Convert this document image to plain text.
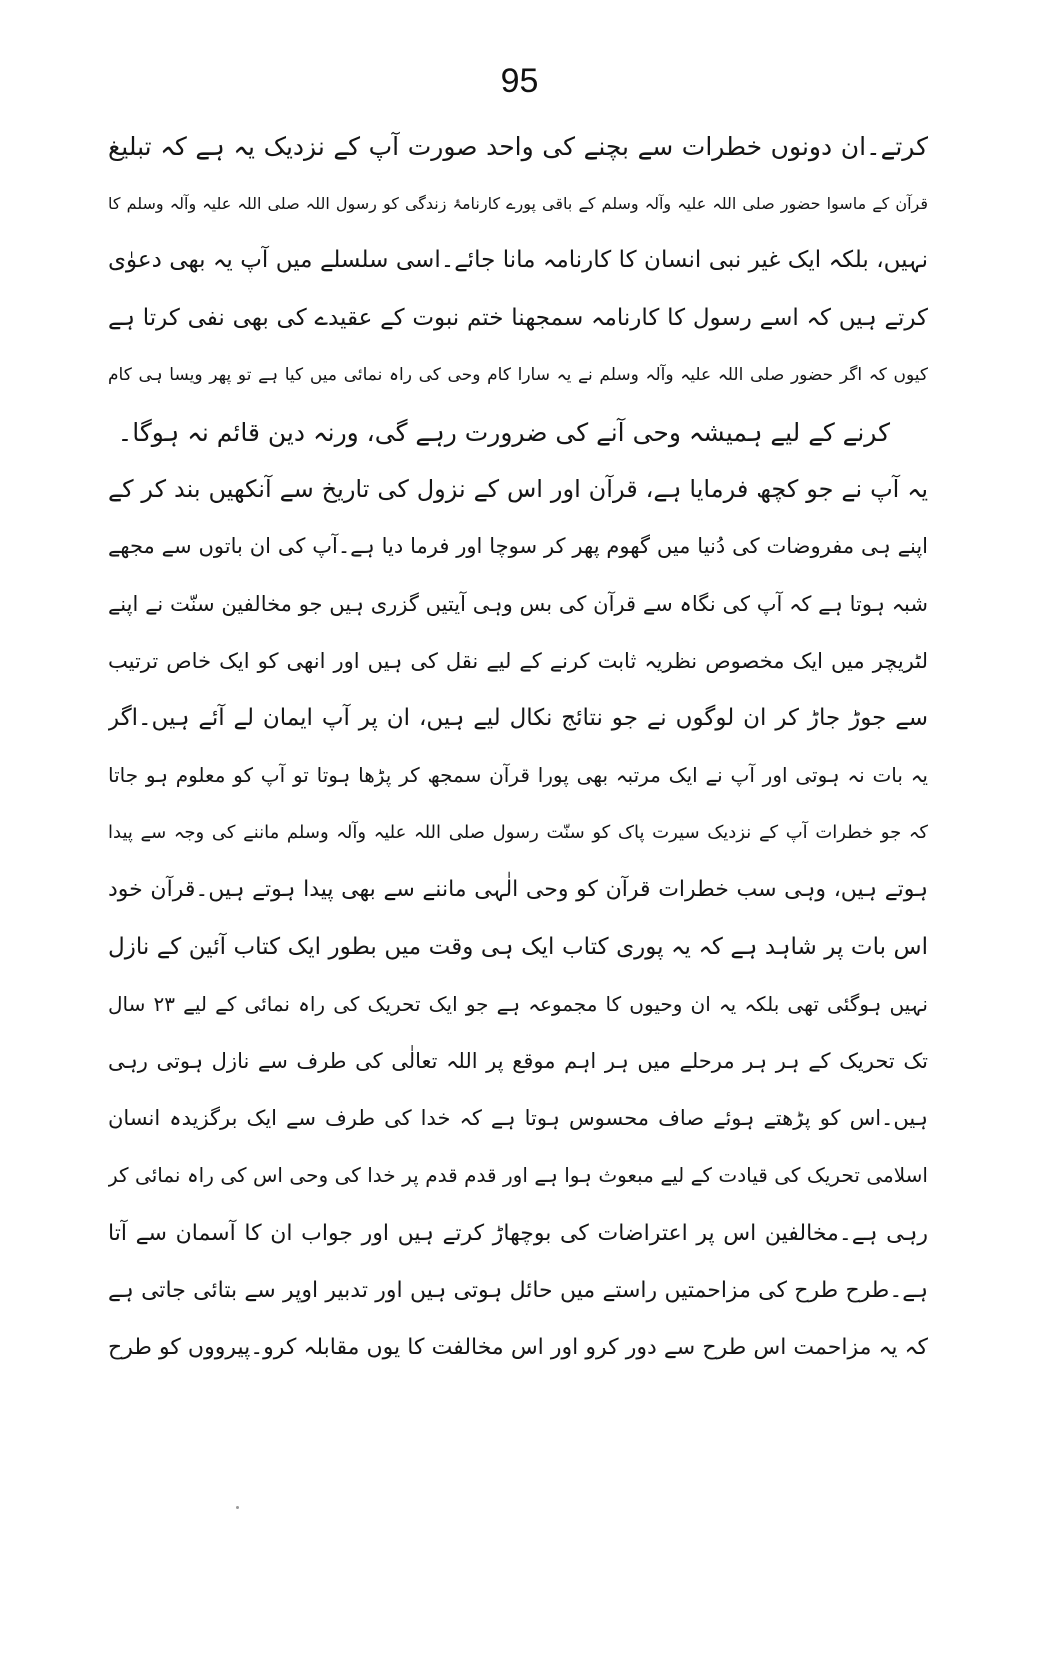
95
کرتے۔ان دونوں خطرات سے بچنے کی واحد صورت آپ کے نزدیک یہ ہے کہ تبلیغ
قرآن کے ماسوا حضور صلی اللہ علیہ وآلہ وسلم کے باقی پورے کارنامۂ زندگی کو رسول اللہ صلی اللہ علیہ وآلہ وسلم کا
نہیں، بلکہ ایک غیر نبی انسان کا کارنامہ مانا جائے۔اسی سلسلے میں آپ یہ بھی دعوٰی
کرتے ہیں کہ اسے رسول کا کارنامہ سمجھنا ختم نبوت کے عقیدے کی بھی نفی کرتا ہے
کیوں کہ اگر حضور صلی اللہ علیہ وآلہ وسلم نے یہ سارا کام وحی کی راہ نمائی میں کیا ہے تو پھر ویسا ہی کام
کرنے کے لیے ہمیشہ وحی آنے کی ضرورت رہے گی، ورنہ دین قائم نہ ہوگا۔
یہ آپ نے جو کچھ فرمایا ہے، قرآن اور اس کے نزول کی تاریخ سے آنکھیں بند کر کے
اپنے ہی مفروضات کی دُنیا میں گھوم پھر کر سوچا اور فرما دیا ہے۔آپ کی ان باتوں سے مجھے
شبہ ہوتا ہے کہ آپ کی نگاہ سے قرآن کی بس وہی آیتیں گزری ہیں جو مخالفین سنّت نے اپنے
لٹریچر میں ایک مخصوص نظریہ ثابت کرنے کے لیے نقل کی ہیں اور انھی کو ایک خاص ترتیب
سے جوڑ جاڑ کر ان لوگوں نے جو نتائج نکال لیے ہیں، ان پر آپ ایمان لے آئے ہیں۔اگر
یہ بات نہ ہوتی اور آپ نے ایک مرتبہ بھی پورا قرآن سمجھ کر پڑھا ہوتا تو آپ کو معلوم ہو جاتا
کہ جو خطرات آپ کے نزدیک سیرت پاک کو سنّت رسول صلی اللہ علیہ وآلہ وسلم ماننے کی وجہ سے پیدا
ہوتے ہیں، وہی سب خطرات قرآن کو وحی الٰہی ماننے سے بھی پیدا ہوتے ہیں۔قرآن خود
اس بات پر شاہد ہے کہ یہ پوری کتاب ایک ہی وقت میں بطور ایک کتاب آئین کے نازل
نہیں ہوگئی تھی بلکہ یہ ان وحیوں کا مجموعہ ہے جو ایک تحریک کی راہ نمائی کے لیے ۲۳ سال
تک تحریک کے ہر ہر مرحلے میں ہر اہم موقع پر اللہ تعالٰی کی طرف سے نازل ہوتی رہی
ہیں۔اس کو پڑھتے ہوئے صاف محسوس ہوتا ہے کہ خدا کی طرف سے ایک برگزیدہ انسان
اسلامی تحریک کی قیادت کے لیے مبعوث ہوا ہے اور قدم قدم پر خدا کی وحی اس کی راہ نمائی کر
رہی ہے۔مخالفین اس پر اعتراضات کی بوچھاڑ کرتے ہیں اور جواب ان کا آسمان سے آتا
ہے۔طرح طرح کی مزاحمتیں راستے میں حائل ہوتی ہیں اور تدبیر اوپر سے بتائی جاتی ہے
کہ یہ مزاحمت اس طرح سے دور کرو اور اس مخالفت کا یوں مقابلہ کرو۔پیرووں کو طرح
